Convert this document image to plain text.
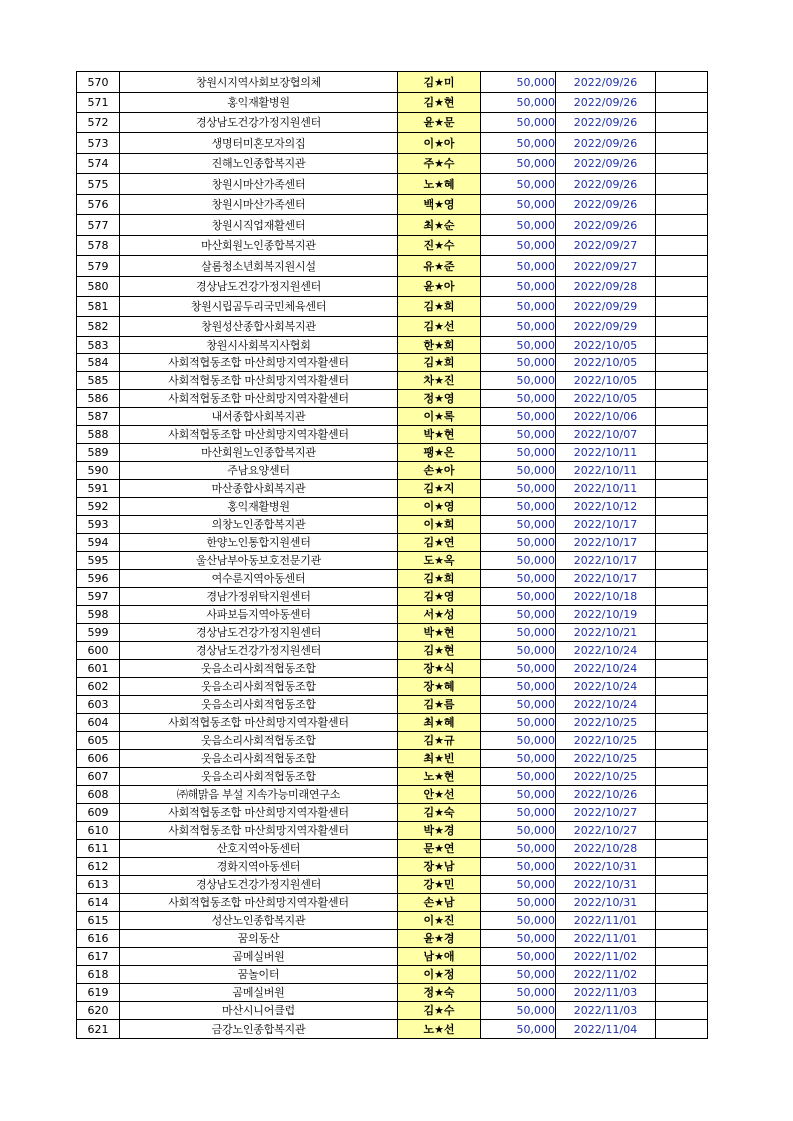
570	창원시지역사회보장협의체	김★미	50,000	2022/09/26	
571	홍익재활병원	김★현	50,000	2022/09/26	
572	경상남도건강가정지원센터	윤★문	50,000	2022/09/26	
573	생명터미혼모자의집	이★아	50,000	2022/09/26	
574	진해노인종합복지관	주★수	50,000	2022/09/26	
575	창원시마산가족센터	노★혜	50,000	2022/09/26	
576	창원시마산가족센터	백★영	50,000	2022/09/26	
577	창원시직업재활센터	최★순	50,000	2022/09/26	
578	마산회원노인종합복지관	진★수	50,000	2022/09/27	
579	살롬청소년회복지원시설	유★준	50,000	2022/09/27	
580	경상남도건강가정지원센터	윤★아	50,000	2022/09/28	
581	창원시립곰두리국민체육센터	김★희	50,000	2022/09/29	
582	창원성산종합사회복지관	김★선	50,000	2022/09/29	
583	창원시사회복지사협회	한★희	50,000	2022/10/05	
584	사회적협동조합 마산희망지역자활센터	김★희	50,000	2022/10/05	
585	사회적협동조합 마산희망지역자활센터	차★진	50,000	2022/10/05	
586	사회적협동조합 마산희망지역자활센터	정★영	50,000	2022/10/05	
587	내서종합사회복지관	이★록	50,000	2022/10/06	
588	사회적협동조합 마산희망지역자활센터	박★현	50,000	2022/10/07	
589	마산회원노인종합복지관	팽★은	50,000	2022/10/11	
590	주남요양센터	손★아	50,000	2022/10/11	
591	마산종합사회복지관	김★지	50,000	2022/10/11	
592	홍익재활병원	이★영	50,000	2022/10/12	
593	의창노인종합복지관	이★희	50,000	2022/10/17	
594	한양노인통합지원센터	김★연	50,000	2022/10/17	
595	울산남부아동보호전문기관	도★옥	50,000	2022/10/17	
596	여수룬지역아동센터	김★희	50,000	2022/10/17	
597	경남가정위탁지원센터	김★영	50,000	2022/10/18	
598	사파보듬지역아동센터	서★성	50,000	2022/10/19	
599	경상남도건강가정지원센터	박★현	50,000	2022/10/21	
600	경상남도건강가정지원센터	김★현	50,000	2022/10/24	
601	웃음소리사회적협동조합	장★식	50,000	2022/10/24	
602	웃음소리사회적협동조합	장★혜	50,000	2022/10/24	
603	웃음소리사회적협동조합	김★름	50,000	2022/10/24	
604	사회적협동조합 마산희망지역자활센터	최★혜	50,000	2022/10/25	
605	웃음소리사회적협동조합	김★규	50,000	2022/10/25	
606	웃음소리사회적협동조합	최★빈	50,000	2022/10/25	
607	웃음소리사회적협동조합	노★현	50,000	2022/10/25	
608	㈜해맑음 부설 지속가능미래연구소	안★선	50,000	2022/10/26	
609	사회적협동조합 마산희망지역자활센터	김★숙	50,000	2022/10/27	
610	사회적협동조합 마산희망지역자활센터	박★경	50,000	2022/10/27	
611	산호지역아동센터	문★연	50,000	2022/10/28	
612	경화지역아동센터	장★남	50,000	2022/10/31	
613	경상남도건강가정지원센터	강★민	50,000	2022/10/31	
614	사회적협동조합 마산희망지역자활센터	손★남	50,000	2022/10/31	
615	성산노인종합복지관	이★진	50,000	2022/11/01	
616	꿈의동산	윤★경	50,000	2022/11/01	
617	곰메실버원	남★애	50,000	2022/11/02	
618	꿈놀이터	이★정	50,000	2022/11/02	
619	곰메실버원	정★숙	50,000	2022/11/03	
620	마산시니어클럽	김★수	50,000	2022/11/03	
621	금강노인종합복지관	노★선	50,000	2022/11/04	
